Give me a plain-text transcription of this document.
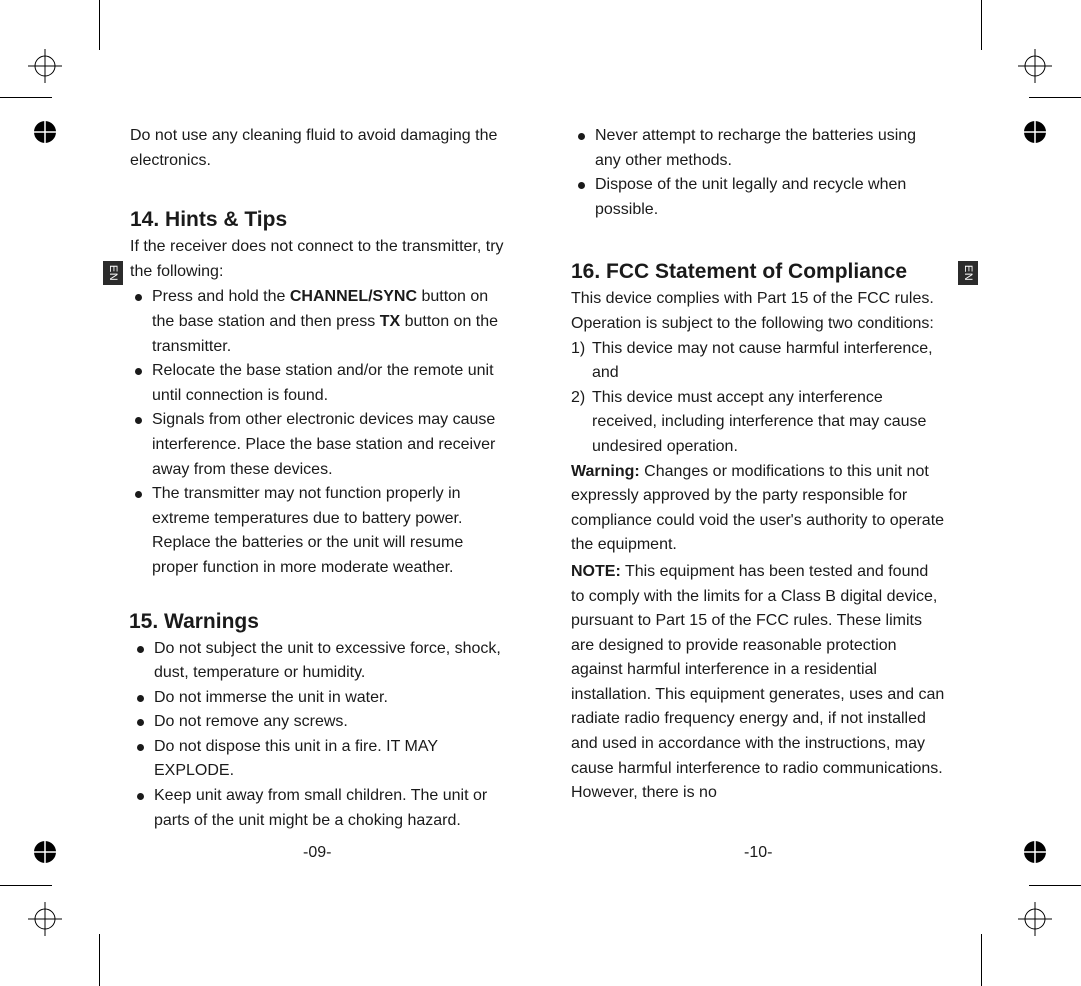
EN	EN

Do not use any cleaning fluid to avoid damaging the electronics.

14. Hints & Tips

If the receiver does not connect to the transmitter, try the following:

Press and hold the CHANNEL/SYNC button on the base station and then press TX button on the transmitter.
Relocate the base station and/or the remote unit until connection is found.
Signals from other electronic devices may cause interference. Place the base station and receiver away from these devices.
The transmitter may not function properly in extreme temperatures due to battery power. Replace the batteries or the unit will resume proper function in more moderate weather.
15. Warnings
Do not subject the unit to excessive force, shock, dust, temperature or humidity.
Do not immerse the unit in water.
Do not remove any screws.
Do not dispose this unit in a fire. IT MAY EXPLODE.
Keep unit away from small children. The unit or parts of the unit might be a choking hazard.
-09-
Never attempt to recharge the batteries using any other methods.
Dispose of the unit legally and recycle when possible.
16. FCC Statement of Compliance

This device complies with Part 15 of the FCC rules. Operation is subject to the following two conditions:

1) This device may not cause harmful interference, and
2) This device must accept any interference received, including interference that may cause undesired operation.

Warning: Changes or modifications to this unit not expressly approved by the party responsible for compliance could void the user's authority to operate the equipment.

NOTE: This equipment has been tested and found to comply with the limits for a Class B digital device, pursuant to Part 15 of the FCC rules. These limits are designed to provide reasonable protection against harmful interference in a residential installation. This equipment generates, uses and can radiate radio frequency energy and, if not installed and used in accordance with the instructions, may cause harmful interference to radio communications. However, there is no

-10-
